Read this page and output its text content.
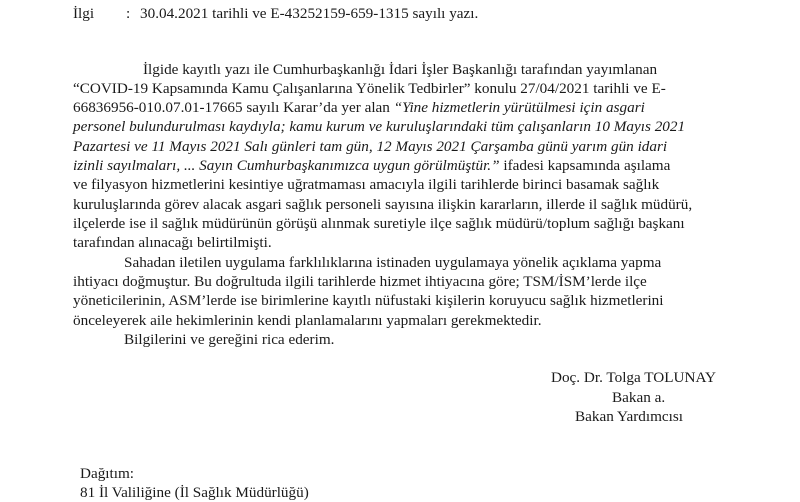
İlgi : 30.04.2021 tarihli ve E-43252159-659-1315 sayılı yazı.
İlgide kayıtlı yazı ile Cumhurbaşkanlığı İdari İşler Başkanlığı tarafından yayımlanan
“COVID-19 Kapsamında Kamu Çalışanlarına Yönelik Tedbirler” konulu 27/04/2021 tarihli ve E-
66836956-010.07.01-17665 sayılı Karar’da yer alan “Yine hizmetlerin yürütülmesi için asgari
personel bulundurulması kaydıyla; kamu kurum ve kuruluşlarındaki tüm çalışanların 10 Mayıs 2021
Pazartesi ve 11 Mayıs 2021 Salı günleri tam gün, 12 Mayıs 2021 Çarşamba günü yarım gün idari
izinli sayılmaları, ... Sayın Cumhurbaşkanımızca uygun görülmüştür.” ifadesi kapsamında aşılama
ve filyasyon hizmetlerini kesintiye uğratmaması amacıyla ilgili tarihlerde birinci basamak sağlık
kuruluşlarında görev alacak asgari sağlık personeli sayısına ilişkin kararların, illerde il sağlık müdürü,
ilçelerde ise il sağlık müdürünün görüşü alınmak suretiyle ilçe sağlık müdürü/toplum sağlığı başkanı
tarafından alınacağı belirtilmişti.
Sahadan iletilen uygulama farklılıklarına istinaden uygulamaya yönelik açıklama yapma
ihtiyacı doğmuştur. Bu doğrultuda ilgili tarihlerde hizmet ihtiyacına göre; TSM/İSM’lerde ilçe
yöneticilerinin, ASM’lerde ise birimlerine kayıtlı nüfustaki kişilerin koruyucu sağlık hizmetlerini
önceleyerek aile hekimlerinin kendi planlamalarını yapmaları gerekmektedir.
Bilgilerini ve gereğini rica ederim.
Doç. Dr. Tolga TOLUNAY
Bakan a.
Bakan Yardımcısı
Dağıtım:
81 İl Valiliğine (İl Sağlık Müdürlüğü)
